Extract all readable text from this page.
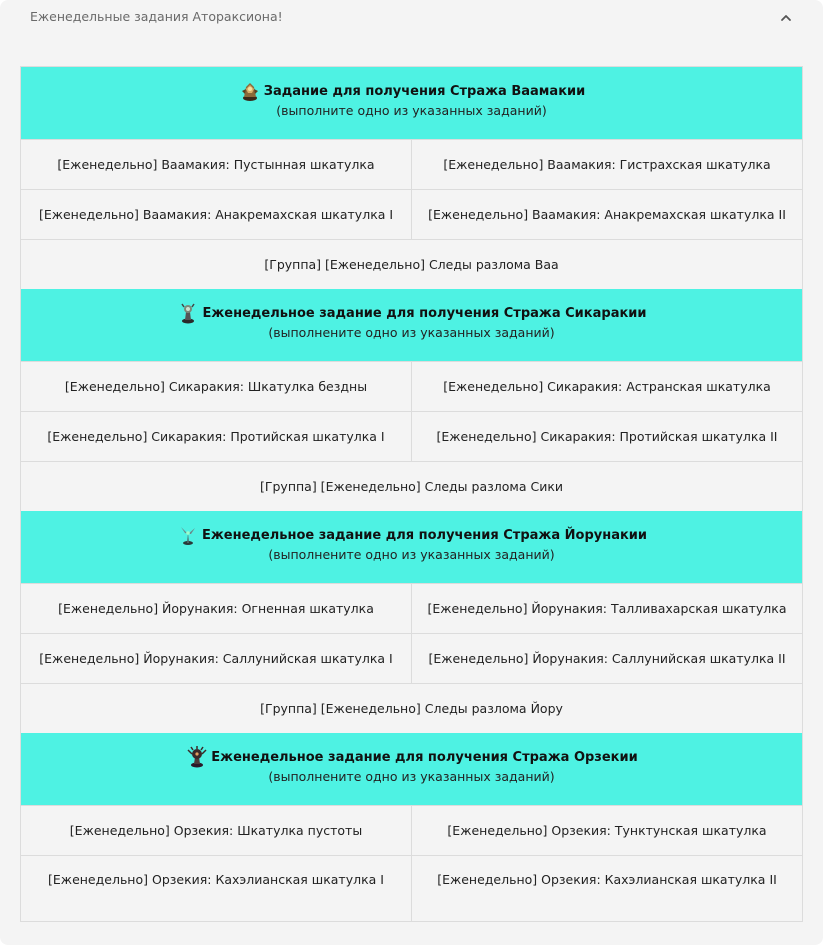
Еженедельные задания Атораксиона!
Задание для получения Стража Ваамакии
(выполните одно из указанных заданий)
[Еженедельно] Ваамакия: Пустынная шкатулка	[Еженедельно] Ваамакия: Гистрахская шкатулка
[Еженедельно] Ваамакия: Анакремахская шкатулка I	[Еженедельно] Ваамакия: Анакремахская шкатулка II
[Группа] [Еженедельно] Следы разлома Ваа
Еженедельное задание для получения Стража Сикаракии
(выполнените одно из указанных заданий)
[Еженедельно] Сикаракия: Шкатулка бездны	[Еженедельно] Сикаракия: Астранская шкатулка
[Еженедельно] Сикаракия: Протийская шкатулка I	[Еженедельно] Сикаракия: Протийская шкатулка II
[Группа] [Еженедельно] Следы разлома Сики
Еженедельное задание для получения Стража Йорунакии
(выполнените одно из указанных заданий)
[Еженедельно] Йорунакия: Огненная шкатулка	[Еженедельно] Йорунакия: Талливахарская шкатулка
[Еженедельно] Йорунакия: Саллунийская шкатулка I	[Еженедельно] Йорунакия: Саллунийская шкатулка II
[Группа] [Еженедельно] Следы разлома Йору
Еженедельное задание для получения Стража Орзекии
(выполнените одно из указанных заданий)
[Еженедельно] Орзекия: Шкатулка пустоты	[Еженедельно] Орзекия: Тунктунская шкатулка
[Еженедельно] Орзекия: Кахэлианская шкатулка I	[Еженедельно] Орзекия: Кахэлианская шкатулка II
